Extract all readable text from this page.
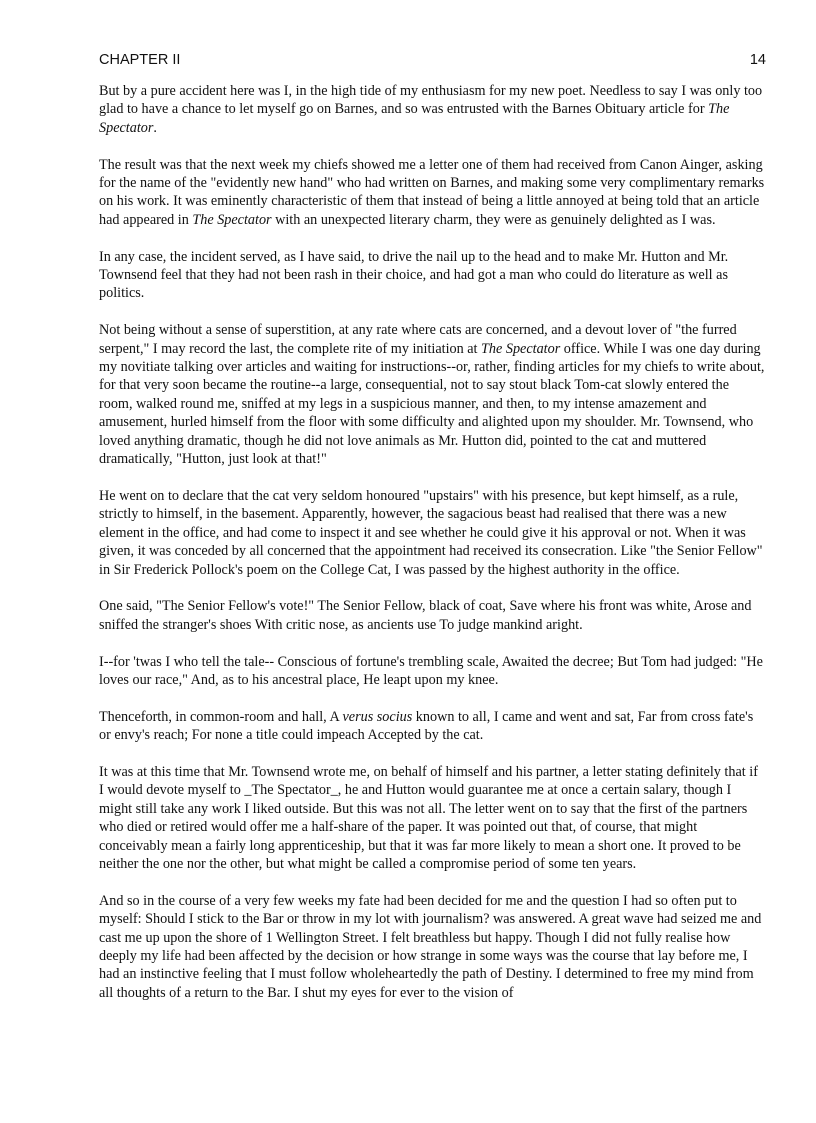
CHAPTER II	14

But by a pure accident here was I, in the high tide of my enthusiasm for my new poet. Needless to say I was only too glad to have a chance to let myself go on Barnes, and so was entrusted with the Barnes Obituary article for The Spectator.

The result was that the next week my chiefs showed me a letter one of them had received from Canon Ainger, asking for the name of the "evidently new hand" who had written on Barnes, and making some very complimentary remarks on his work. It was eminently characteristic of them that instead of being a little annoyed at being told that an article had appeared in The Spectator with an unexpected literary charm, they were as genuinely delighted as I was.

In any case, the incident served, as I have said, to drive the nail up to the head and to make Mr. Hutton and Mr. Townsend feel that they had not been rash in their choice, and had got a man who could do literature as well as politics.

Not being without a sense of superstition, at any rate where cats are concerned, and a devout lover of "the furred serpent," I may record the last, the complete rite of my initiation at The Spectator office. While I was one day during my novitiate talking over articles and waiting for instructions--or, rather, finding articles for my chiefs to write about, for that very soon became the routine--a large, consequential, not to say stout black Tom-cat slowly entered the room, walked round me, sniffed at my legs in a suspicious manner, and then, to my intense amazement and amusement, hurled himself from the floor with some difficulty and alighted upon my shoulder. Mr. Townsend, who loved anything dramatic, though he did not love animals as Mr. Hutton did, pointed to the cat and muttered dramatically, "Hutton, just look at that!"

He went on to declare that the cat very seldom honoured "upstairs" with his presence, but kept himself, as a rule, strictly to himself, in the basement. Apparently, however, the sagacious beast had realised that there was a new element in the office, and had come to inspect it and see whether he could give it his approval or not. When it was given, it was conceded by all concerned that the appointment had received its consecration. Like "the Senior Fellow" in Sir Frederick Pollock's poem on the College Cat, I was passed by the highest authority in the office.

One said, "The Senior Fellow's vote!" The Senior Fellow, black of coat, Save where his front was white, Arose and sniffed the stranger's shoes With critic nose, as ancients use To judge mankind aright.

I--for 'twas I who tell the tale-- Conscious of fortune's trembling scale, Awaited the decree; But Tom had judged: "He loves our race," And, as to his ancestral place, He leapt upon my knee.

Thenceforth, in common-room and hall, A verus socius known to all, I came and went and sat, Far from cross fate's or envy's reach; For none a title could impeach Accepted by the cat.

It was at this time that Mr. Townsend wrote me, on behalf of himself and his partner, a letter stating definitely that if I would devote myself to _The Spectator_, he and Hutton would guarantee me at once a certain salary, though I might still take any work I liked outside. But this was not all. The letter went on to say that the first of the partners who died or retired would offer me a half-share of the paper. It was pointed out that, of course, that might conceivably mean a fairly long apprenticeship, but that it was far more likely to mean a short one. It proved to be neither the one nor the other, but what might be called a compromise period of some ten years.

And so in the course of a very few weeks my fate had been decided for me and the question I had so often put to myself: Should I stick to the Bar or throw in my lot with journalism? was answered. A great wave had seized me and cast me up upon the shore of 1 Wellington Street. I felt breathless but happy. Though I did not fully realise how deeply my life had been affected by the decision or how strange in some ways was the course that lay before me, I had an instinctive feeling that I must follow wholeheartedly the path of Destiny. I determined to free my mind from all thoughts of a return to the Bar. I shut my eyes for ever to the vision of
